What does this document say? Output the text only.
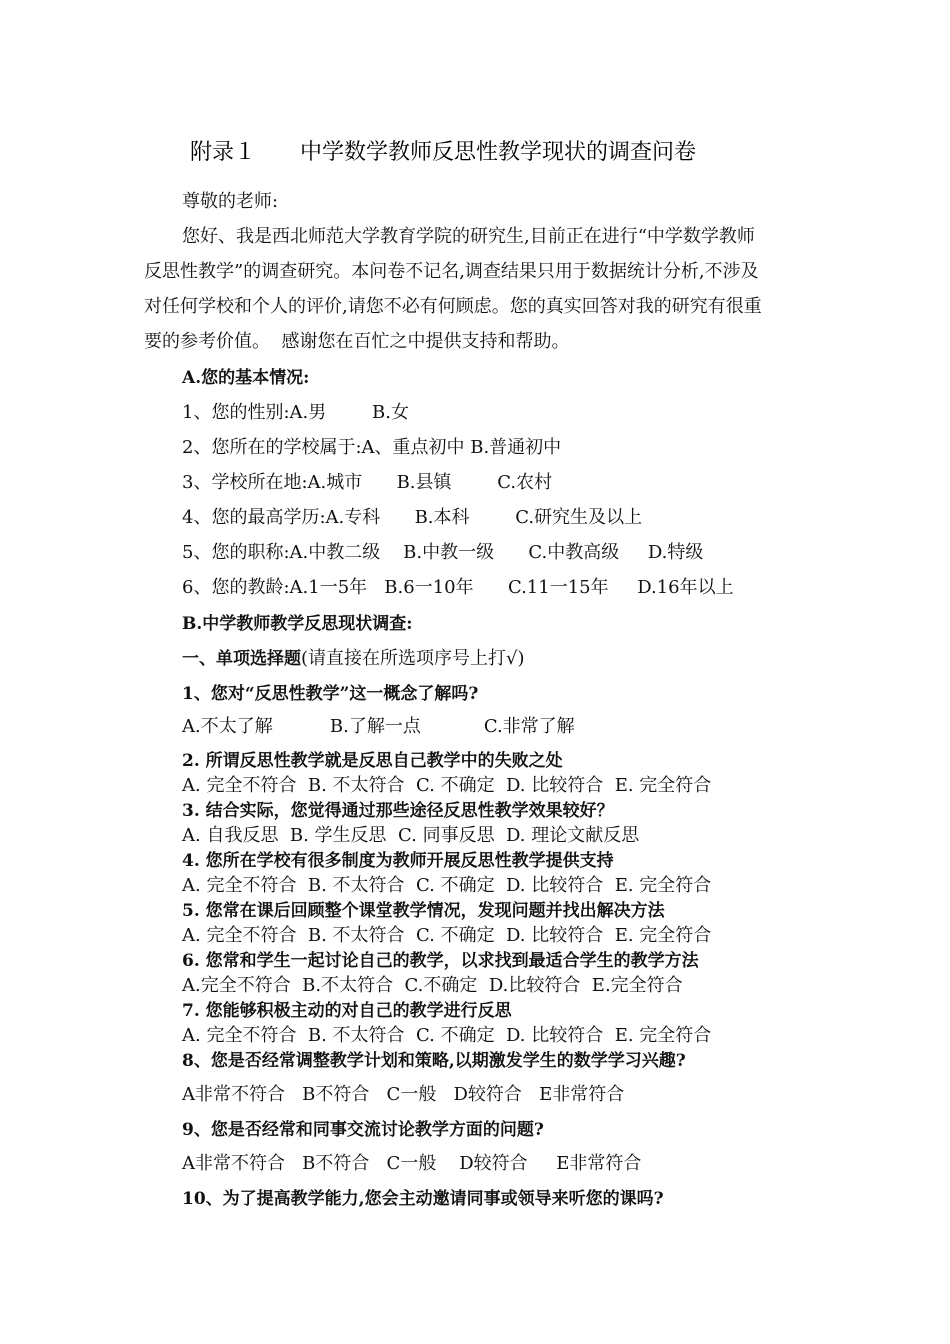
附录１　　中学数学教师反思性教学现状的调查问卷
尊敬的老师:
您好、我是西北师范大学教育学院的研究生,目前正在进行“中学数学教师
反思性教学”的调查研究。本问卷不记名,调查结果只用于数据统计分析,不涉及
对任何学校和个人的评价,请您不必有何顾虑。您的真实回答对我的研究有很重
要的参考价值。  感谢您在百忙之中提供支持和帮助。
A.您的基本情况:
1、您的性别:A.男        B.女
2、您所在的学校属于:A、重点初中 B.普通初中
3、学校所在地:A.城市      B.县镇        C.农村
4、您的最高学历:A.专科      B.本科        C.研究生及以上
5、您的职称:A.中教二级    B.中教一级      C.中教高级     D.特级
6、您的教龄:A.1一5年   B.6一10年      C.11一15年     D.16年以上
B.中学教师教学反思现状调查:
一、单项选择题(请直接在所选项序号上打√)
1、您对“反思性教学”这一概念了解吗?
A.不太了解          B.了解一点           C.非常了解
2. 所谓反思性教学就是反思自己教学中的失败之处
A. 完全不符合  B. 不太符合  C. 不确定  D. 比较符合  E. 完全符合
3. 结合实际，您觉得通过那些途径反思性教学效果较好？
A. 自我反思  B. 学生反思  C. 同事反思  D. 理论文献反思
4. 您所在学校有很多制度为教师开展反思性教学提供支持
A. 完全不符合  B. 不太符合  C. 不确定  D. 比较符合  E. 完全符合
5. 您常在课后回顾整个课堂教学情况，发现问题并找出解决方法
A. 完全不符合  B. 不太符合  C. 不确定  D. 比较符合  E. 完全符合
6. 您常和学生一起讨论自己的教学，以求找到最适合学生的教学方法
A.完全不符合  B.不太符合  C.不确定  D.比较符合  E.完全符合
7. 您能够积极主动的对自己的教学进行反思
A. 完全不符合  B. 不太符合  C. 不确定  D. 比较符合  E. 完全符合
8、您是否经常调整教学计划和策略,以期激发学生的数学学习兴趣?
A非常不符合   B不符合   C一般   D较符合   E非常符合
9、您是否经常和同事交流讨论教学方面的问题?
A非常不符合   B不符合   C一般    D较符合     E非常符合
10、为了提高教学能力,您会主动邀请同事或领导来听您的课吗?
